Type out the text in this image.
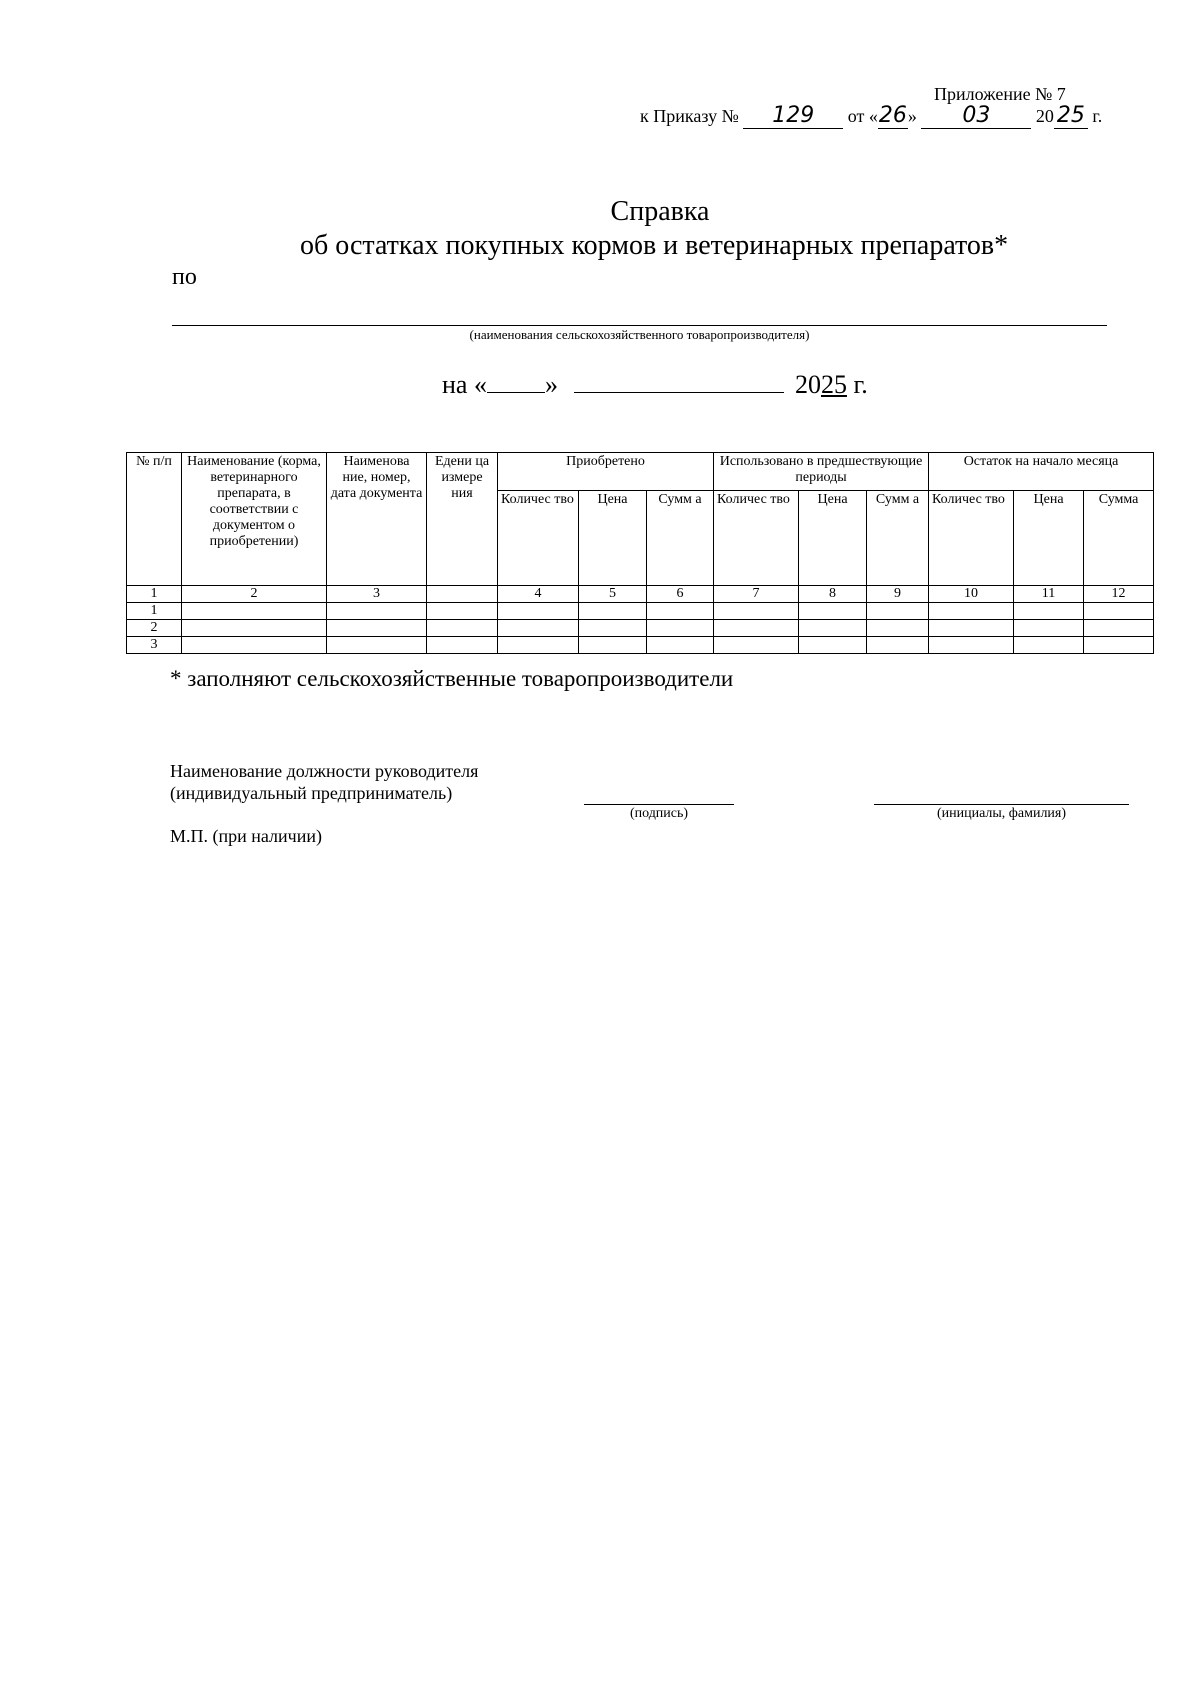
Приложение № 7
к Приказу № 129 от «26» 03	20 25 г.
Справка
об остатках покупных кормов и ветеринарных препаратов*
по
(наименования сельскохозяйственного товаропроизводителя)
на « »	2025 г.
№ п/п	Наименование (корма, ветеринарного препарата, в соответствии с документом о приобретении)	Наименова ние, номер, дата документа	Едени ца измере ния	Приобретено			Использовано в предшествующие периоды			Остаток на начало месяца		
				Количес тво	Цена	Сумм а	Количес тво	Цена	Сумм а	Количес тво	Цена	Сумма
1	2	3		4	5	6	7	8	9	10	11	12
1												
2												
3												
* заполняют сельскохозяйственные товаропроизводители
Наименование должности руководителя
(индивидуальный предприниматель)
(подпись)	(инициалы, фамилия)
М.П. (при наличии)
